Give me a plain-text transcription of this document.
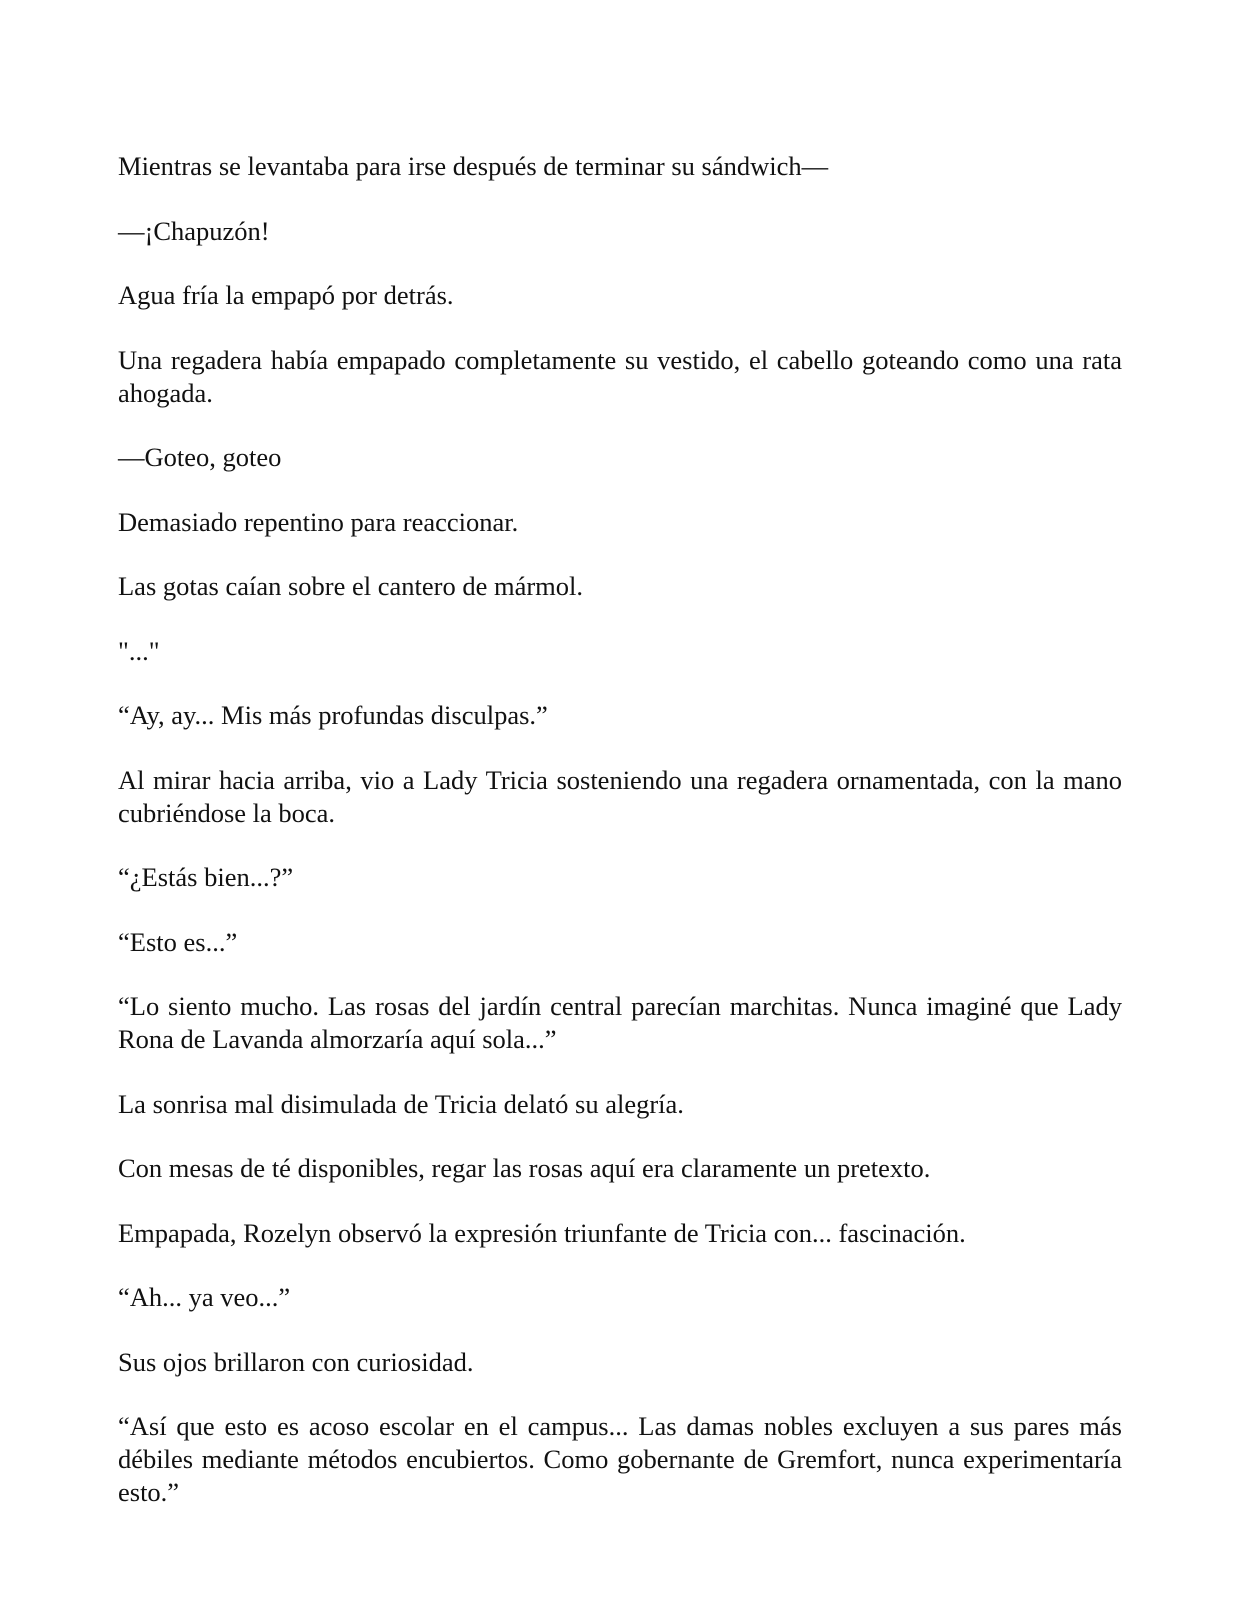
Mientras se levantaba para irse después de terminar su sándwich—

—¡Chapuzón!

Agua fría la empapó por detrás.

Una regadera había empapado completamente su vestido, el cabello goteando como una rata ahogada.

—Goteo, goteo

Demasiado repentino para reaccionar.

Las gotas caían sobre el cantero de mármol.

"..."

“Ay, ay... Mis más profundas disculpas.”

Al mirar hacia arriba, vio a Lady Tricia sosteniendo una regadera ornamentada, con la mano cubriéndose la boca.

“¿Estás bien...?”

“Esto es...”

“Lo siento mucho. Las rosas del jardín central parecían marchitas. Nunca imaginé que Lady Rona de Lavanda almorzaría aquí sola...”

La sonrisa mal disimulada de Tricia delató su alegría.

Con mesas de té disponibles, regar las rosas aquí era claramente un pretexto.

Empapada, Rozelyn observó la expresión triunfante de Tricia con... fascinación.

“Ah... ya veo...”

Sus ojos brillaron con curiosidad.

“Así que esto es acoso escolar en el campus... Las damas nobles excluyen a sus pares más débiles mediante métodos encubiertos. Como gobernante de Gremfort, nunca experimentaría esto.”
